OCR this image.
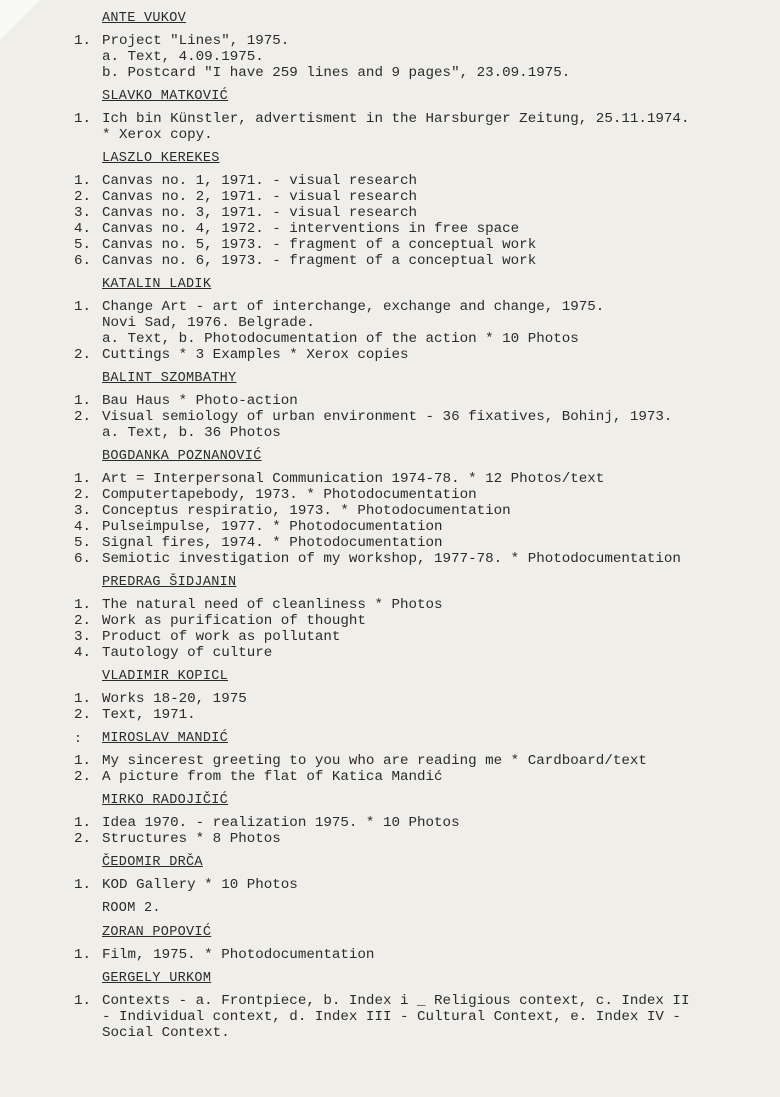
ANTE VUKOV
1. Project "Lines", 1975.
a. Text, 4.09.1975.
b. Postcard "I have 259 lines and 9 pages", 23.09.1975.
SLAVKO MATKOVIĆ
1. Ich bin Künstler, advertisment in the Harsburger Zeitung, 25.11.1974.
* Xerox copy.
LASZLO KEREKES
1. Canvas no. 1, 1971. - visual research
2. Canvas no. 2, 1971. - visual research
3. Canvas no. 3, 1971. - visual research
4. Canvas no. 4, 1972. - interventions in free space
5. Canvas no. 5, 1973. - fragment of a conceptual work
6. Canvas no. 6, 1973. - fragment of a conceptual work
KATALIN LADIK
1. Change Art - art of interchange, exchange and change, 1975.
Novi Sad, 1976. Belgrade.
a. Text, b. Photodocumentation of the action * 10 Photos
2. Cuttings * 3 Examples * Xerox copies
BALINT SZOMBATHY
1. Bau Haus * Photo-action
2. Visual semiology of urban environment - 36 fixatives, Bohinj, 1973.
a. Text, b. 36 Photos
BOGDANKA POZNANOVIĆ
1. Art = Interpersonal Communication 1974-78. * 12 Photos/text
2. Computertapebody, 1973. * Photodocumentation
3. Conceptus respiratio, 1973. * Photodocumentation
4. Pulseimpulse, 1977. * Photodocumentation
5. Signal fires, 1974. * Photodocumentation
6. Semiotic investigation of my workshop, 1977-78. * Photodocumentation
PREDRAG ŠIDJANIN
1. The natural need of cleanliness * Photos
2. Work as purification of thought
3. Product of work as pollutant
4. Tautology of culture
VLADIMIR KOPICL
1. Works 18-20, 1975
2. Text, 1971.
:	MIROSLAV MANDIĆ
1. My sincerest greeting to you who are reading me * Cardboard/text
2. A picture from the flat of Katica Mandić
MIRKO RADOJIČIĆ
1. Idea 1970. - realization 1975. * 10 Photos
2. Structures * 8 Photos
ČEDOMIR DRČA
1. KOD Gallery * 10 Photos
ROOM 2.
ZORAN POPOVIĆ
1. Film, 1975. * Photodocumentation
GERGELY URKOM
1. Contexts - a. Frontpiece, b. Index i _ Religious context, c. Index II
- Individual context, d. Index III - Cultural Context, e. Index IV -
Social Context.
